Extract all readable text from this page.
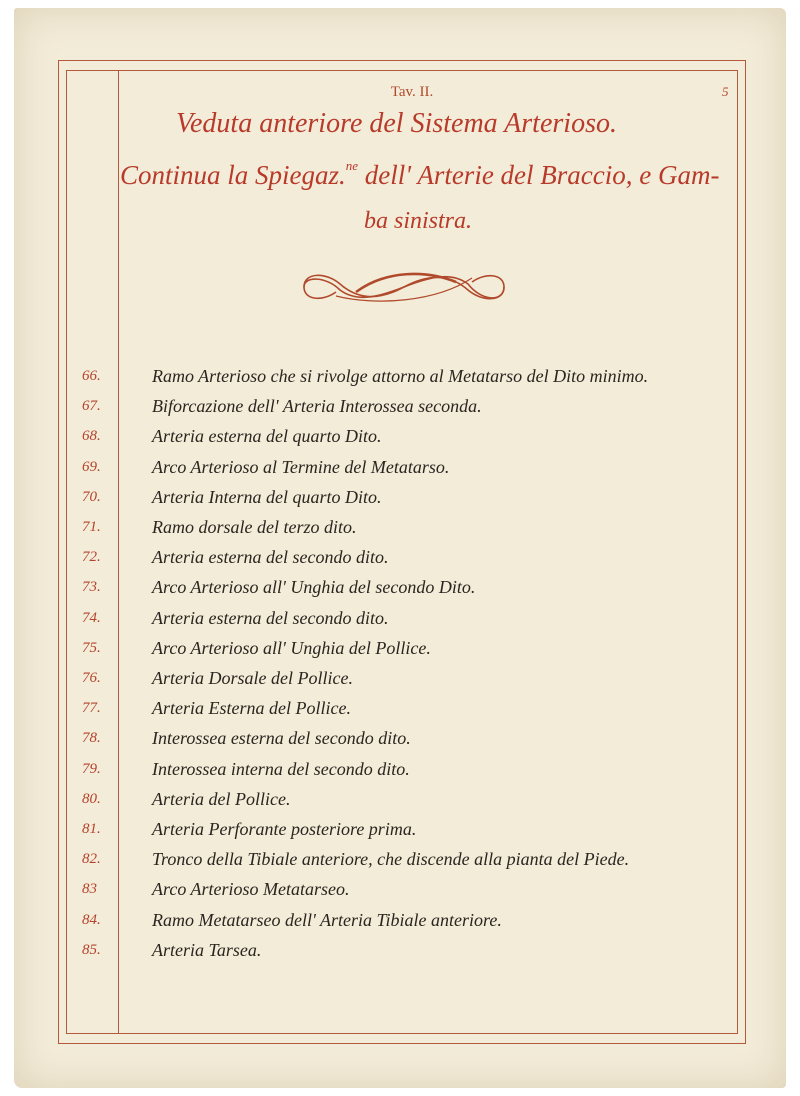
Tav. II.	5
Veduta anteriore del Sistema Arterioso.
Continua la Spiegaz.$^{ne}$ dell' Arterie del Braccio, e Gam-
ba sinistra.
66.	Ramo Arterioso che si rivolge attorno al Metatarso del Dito minimo.
67.	Biforcazione dell' Arteria Interossea seconda.
68.	Arteria esterna del quarto Dito.
69.	Arco Arterioso al Termine del Metatarso.
70.	Arteria Interna del quarto Dito.
71.	Ramo dorsale del terzo dito.
72.	Arteria esterna del secondo dito.
73.	Arco Arterioso all' Unghia del secondo Dito.
74.	Arteria esterna del secondo dito.
75.	Arco Arterioso all' Unghia del Pollice.
76.	Arteria Dorsale del Pollice.
77.	Arteria Esterna del Pollice.
78.	Interossea esterna del secondo dito.
79.	Interossea interna del secondo dito.
80.	Arteria del Pollice.
81.	Arteria Perforante posteriore prima.
82.	Tronco della Tibiale anteriore, che discende alla pianta del Piede.
83	Arco Arterioso Metatarseo.
84.	Ramo Metatarseo dell' Arteria Tibiale anteriore.
85.	Arteria Tarsea.
